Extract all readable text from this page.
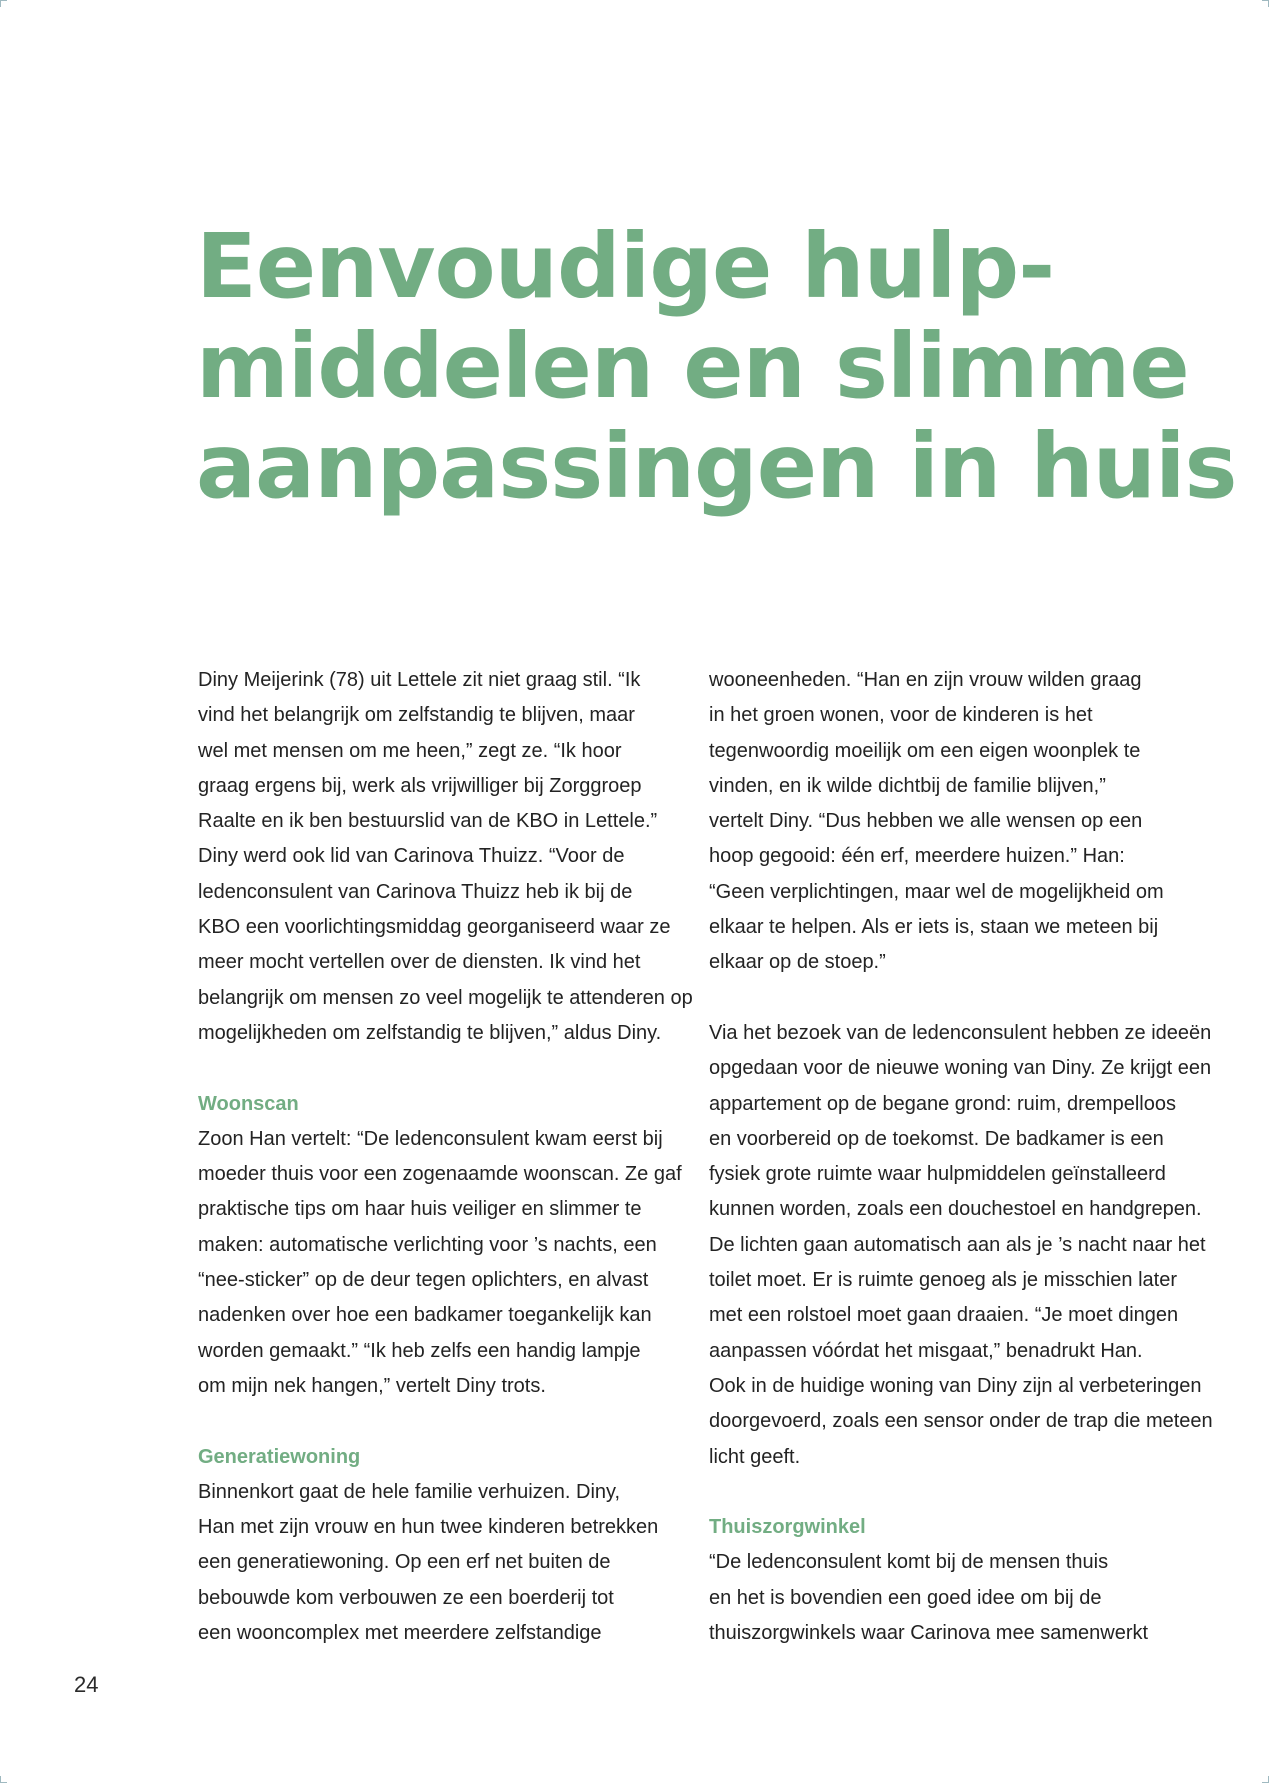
Eenvoudige hulp-
middelen en slimme
aanpassingen in huis
Diny Meijerink (78) uit Lettele zit niet graag stil. “Ik
vind het belangrijk om zelfstandig te blijven, maar
wel met mensen om me heen,” zegt ze. “Ik hoor
graag ergens bij, werk als vrijwilliger bij Zorggroep
Raalte en ik ben bestuurslid van de KBO in Lettele.”
Diny werd ook lid van Carinova Thuizz. “Voor de
ledenconsulent van Carinova Thuizz heb ik bij de
KBO een voorlichtingsmiddag georganiseerd waar ze
meer mocht vertellen over de diensten. Ik vind het
belangrijk om mensen zo veel mogelijk te attenderen op
mogelijkheden om zelfstandig te blijven,” aldus Diny.
Woonscan
Zoon Han vertelt: “De ledenconsulent kwam eerst bij
moeder thuis voor een zogenaamde woonscan. Ze gaf
praktische tips om haar huis veiliger en slimmer te
maken: automatische verlichting voor ’s nachts, een
“nee-sticker” op de deur tegen oplichters, en alvast
nadenken over hoe een badkamer toegankelijk kan
worden gemaakt.” “Ik heb zelfs een handig lampje
om mijn nek hangen,” vertelt Diny trots.
Generatiewoning
Binnenkort gaat de hele familie verhuizen. Diny,
Han met zijn vrouw en hun twee kinderen betrekken
een generatiewoning. Op een erf net buiten de
bebouwde kom verbouwen ze een boerderij tot
een wooncomplex met meerdere zelfstandige
wooneenheden. “Han en zijn vrouw wilden graag
in het groen wonen, voor de kinderen is het
tegenwoordig moeilijk om een eigen woonplek te
vinden, en ik wilde dichtbij de familie blijven,”
vertelt Diny. “Dus hebben we alle wensen op een
hoop gegooid: één erf, meerdere huizen.” Han:
“Geen verplichtingen, maar wel de mogelijkheid om
elkaar te helpen. Als er iets is, staan we meteen bij
elkaar op de stoep.”
Via het bezoek van de ledenconsulent hebben ze ideeën
opgedaan voor de nieuwe woning van Diny. Ze krijgt een
appartement op de begane grond: ruim, drempelloos
en voorbereid op de toekomst. De badkamer is een
fysiek grote ruimte waar hulpmiddelen geïnstalleerd
kunnen worden, zoals een douchestoel en handgrepen.
De lichten gaan automatisch aan als je ’s nacht naar het
toilet moet. Er is ruimte genoeg als je misschien later
met een rolstoel moet gaan draaien. “Je moet dingen
aanpassen vóórdat het misgaat,” benadrukt Han.
Ook in de huidige woning van Diny zijn al verbeteringen
doorgevoerd, zoals een sensor onder de trap die meteen
licht geeft.
Thuiszorgwinkel
“De ledenconsulent komt bij de mensen thuis
en het is bovendien een goed idee om bij de
thuiszorgwinkels waar Carinova mee samenwerkt
24
